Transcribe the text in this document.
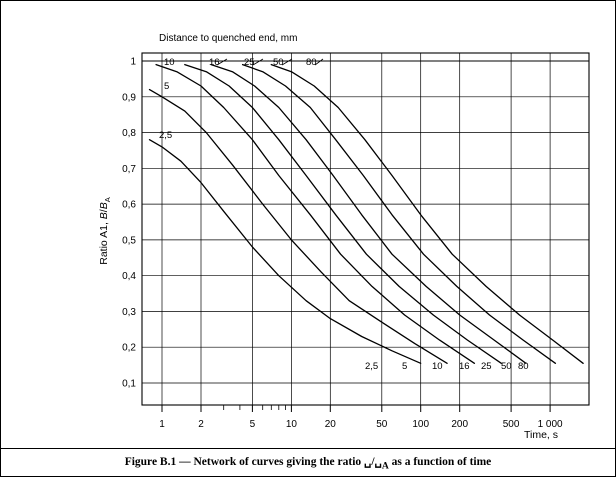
0,1
0,2
0,3
0,4
0,5
0,6
0,7
0,8
0,9
1
1	2	5	10	20	50 100 200	500 1 000
2,5
2,5
5
5
10
10
16
16
25
25
50
50
80
80
Distance to quenched end, mm
Time, s
Ratio A1, $B/B_A$
Figure B.1 — Network of curves giving the ratio $␣/␣_A$ as a function of time
